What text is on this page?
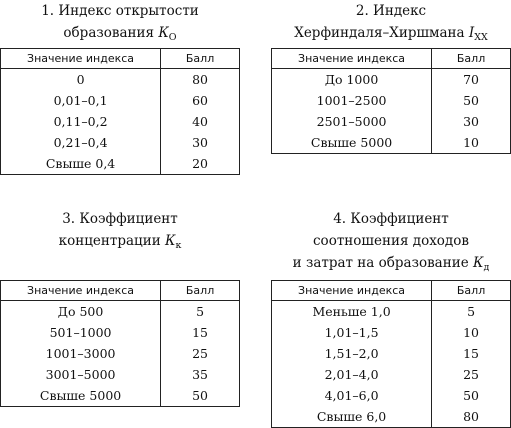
1. Индекс открытости
образования $К_О$
Значение индекса	Балл
0	80
0,01–0,1	60
0,11–0,2	40
0,21–0,4	30
Свыше 0,4	20
2. Индекс
Херфиндаля–Хиршмана $I_{ХХ}$
Значение индекса	Балл
До 1000	70
1001–2500	50
2501–5000	30
Свыше 5000	10
3. Коэффициент
концентрации $К_к$
Значение индекса	Балл
До 500	5
501–1000	15
1001–3000	25
3001–5000	35
Свыше 5000	50
4. Коэффициент
соотношения доходов
и затрат на образование $К_д$
Значение индекса	Балл
Меньше 1,0	5
1,01–1,5	10
1,51–2,0	15
2,01–4,0	25
4,01–6,0	50
Свыше 6,0	80
